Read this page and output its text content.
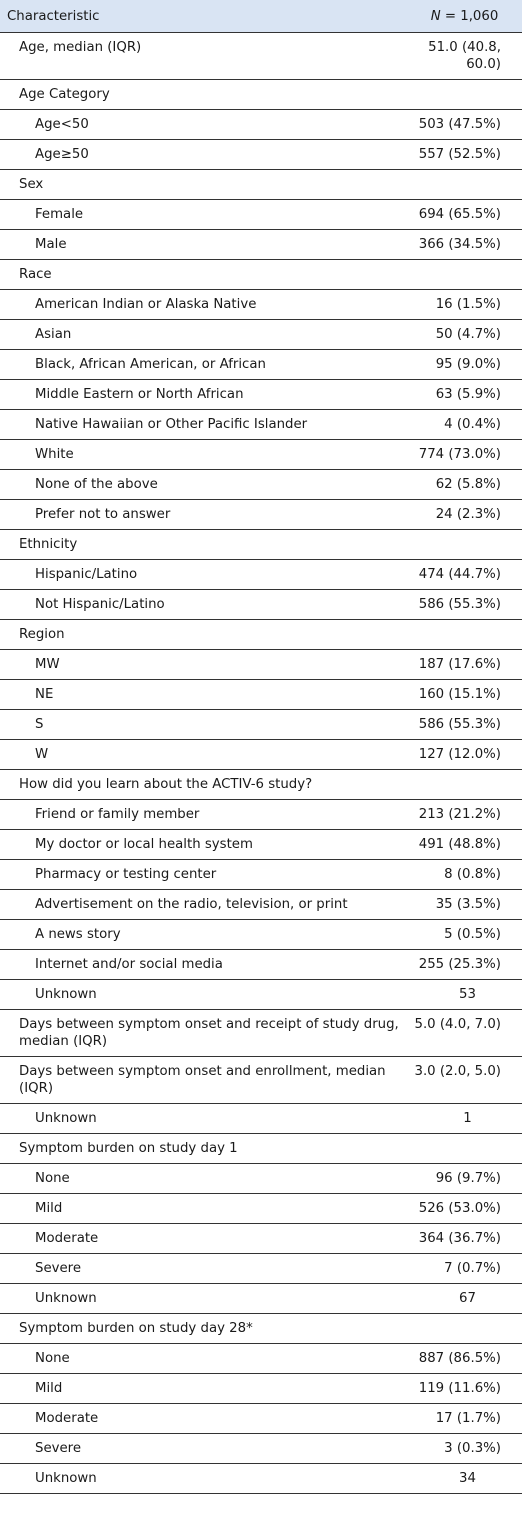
Characteristic	N = 1,060
Age, median (IQR)	51.0 (40.8, 60.0)
Age Category	
Age<50	503 (47.5%)
Age≥50	557 (52.5%)
Sex	
Female	694 (65.5%)
Male	366 (34.5%)
Race	
American Indian or Alaska Native	16 (1.5%)
Asian	50 (4.7%)
Black, African American, or African	95 (9.0%)
Middle Eastern or North African	63 (5.9%)
Native Hawaiian or Other Pacific Islander	4 (0.4%)
White	774 (73.0%)
None of the above	62 (5.8%)
Prefer not to answer	24 (2.3%)
Ethnicity	
Hispanic/Latino	474 (44.7%)
Not Hispanic/Latino	586 (55.3%)
Region	
MW	187 (17.6%)
NE	160 (15.1%)
S	586 (55.3%)
W	127 (12.0%)
How did you learn about the ACTIV-6 study?	
Friend or family member	213 (21.2%)
My doctor or local health system	491 (48.8%)
Pharmacy or testing center	8 (0.8%)
Advertisement on the radio, television, or print	35 (3.5%)
A news story	5 (0.5%)
Internet and/or social media	255 (25.3%)
Unknown	53
Days between symptom onset and receipt of study drug, median (IQR)	5.0 (4.0, 7.0)
Days between symptom onset and enrollment, median (IQR)	3.0 (2.0, 5.0)
Unknown	1
Symptom burden on study day 1	
None	96 (9.7%)
Mild	526 (53.0%)
Moderate	364 (36.7%)
Severe	7 (0.7%)
Unknown	67
Symptom burden on study day 28*	
None	887 (86.5%)
Mild	119 (11.6%)
Moderate	17 (1.7%)
Severe	3 (0.3%)
Unknown	34
